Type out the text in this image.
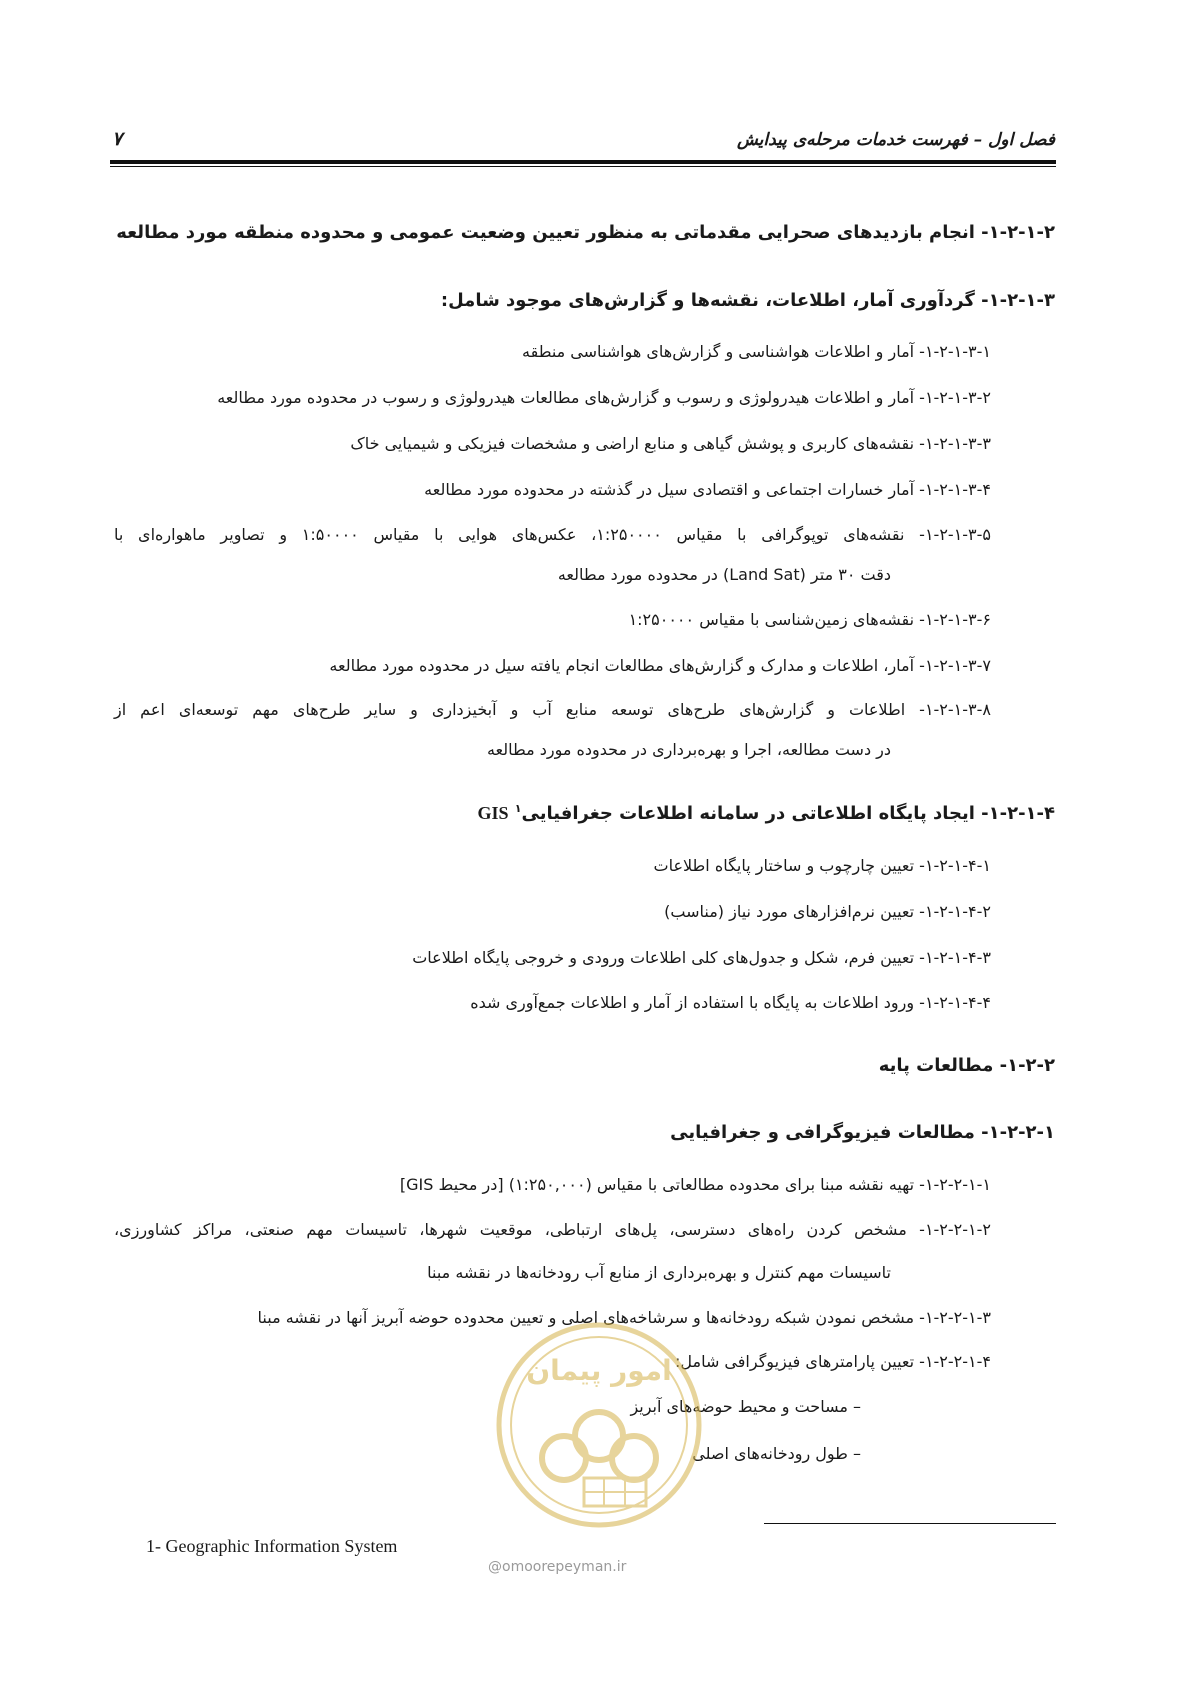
فصل اول – فهرست خدمات مرحله‌ی پیدایش
۷
۱-۲-۱-۲- انجام بازدیدهای صحرایی مقدماتی به منظور تعیین وضعیت عمومی و محدوده منطقه مورد مطالعه
۱-۲-۱-۳- گردآوری آمار، اطلاعات، نقشه‌ها و گزارش‌های موجود شامل:
۱-۲-۱-۳-۱- آمار و اطلاعات هواشناسی و گزارش‌های هواشناسی منطقه
۱-۲-۱-۳-۲- آمار و اطلاعات هیدرولوژی و رسوب و گزارش‌های مطالعات هیدرولوژی و رسوب در محدوده مورد مطالعه
۱-۲-۱-۳-۳- نقشه‌های کاربری و پوشش گیاهی و منابع اراضی و مشخصات فیزیکی و شیمیایی خاک
۱-۲-۱-۳-۴- آمار خسارات اجتماعی و اقتصادی سیل در گذشته در محدوده مورد مطالعه
۱-۲-۱-۳-۵- نقشه‌های توپوگرافی با مقیاس ۱:۲۵۰۰۰۰، عکس‌های هوایی با مقیاس ۱:۵۰۰۰۰ و تصاویر ماهواره‌ای با
دقت ۳۰ متر (Land Sat) در محدوده مورد مطالعه
۱-۲-۱-۳-۶- نقشه‌های زمین‌شناسی با مقیاس ۱:۲۵۰۰۰۰
۱-۲-۱-۳-۷- آمار، اطلاعات و مدارک و گزارش‌های مطالعات انجام یافته سیل در محدوده مورد مطالعه
۱-۲-۱-۳-۸- اطلاعات و گزارش‌های طرح‌های توسعه منابع آب و آبخیزداری و سایر طرح‌های مهم توسعه‌ای اعم از
در دست مطالعه، اجرا و بهره‌برداری در محدوده مورد مطالعه
۱-۲-۱-۴- ایجاد پایگاه اطلاعاتی در سامانه اطلاعات جغرافیایی$^۱$ GIS
۱-۲-۱-۴-۱- تعیین چارچوب و ساختار پایگاه اطلاعات
۱-۲-۱-۴-۲- تعیین نرم‌افزارهای مورد نیاز (مناسب)
۱-۲-۱-۴-۳- تعیین فرم، شکل و جدول‌های کلی اطلاعات ورودی و خروجی پایگاه اطلاعات
۱-۲-۱-۴-۴- ورود اطلاعات به پایگاه با استفاده از آمار و اطلاعات جمع‌آوری شده
۱-۲-۲- مطالعات پایه
۱-۲-۲-۱- مطالعات فیزیوگرافی و جغرافیایی
۱-۲-۲-۱-۱- تهیه نقشه مبنا برای محدوده مطالعاتی با مقیاس (۱:۲۵۰,۰۰۰) [در محیط GIS]
۱-۲-۲-۱-۲- مشخص کردن راه‌های دسترسی، پل‌های ارتباطی، موقعیت شهرها، تاسیسات مهم صنعتی، مراکز کشاورزی،
تاسیسات مهم کنترل و بهره‌برداری از منابع آب رودخانه‌ها در نقشه مبنا
۱-۲-۲-۱-۳- مشخص نمودن شبکه رودخانه‌ها و سرشاخه‌های اصلی و تعیین محدوده حوضه آبریز آنها در نقشه مبنا
۱-۲-۲-۱-۴- تعیین پارامترهای فیزیوگرافی شامل:
– مساحت و محیط حوضه‌های آبریز
– طول رودخانه‌های اصلی
امور پیمان
1- Geographic Information System
@omoorepeyman.ir
